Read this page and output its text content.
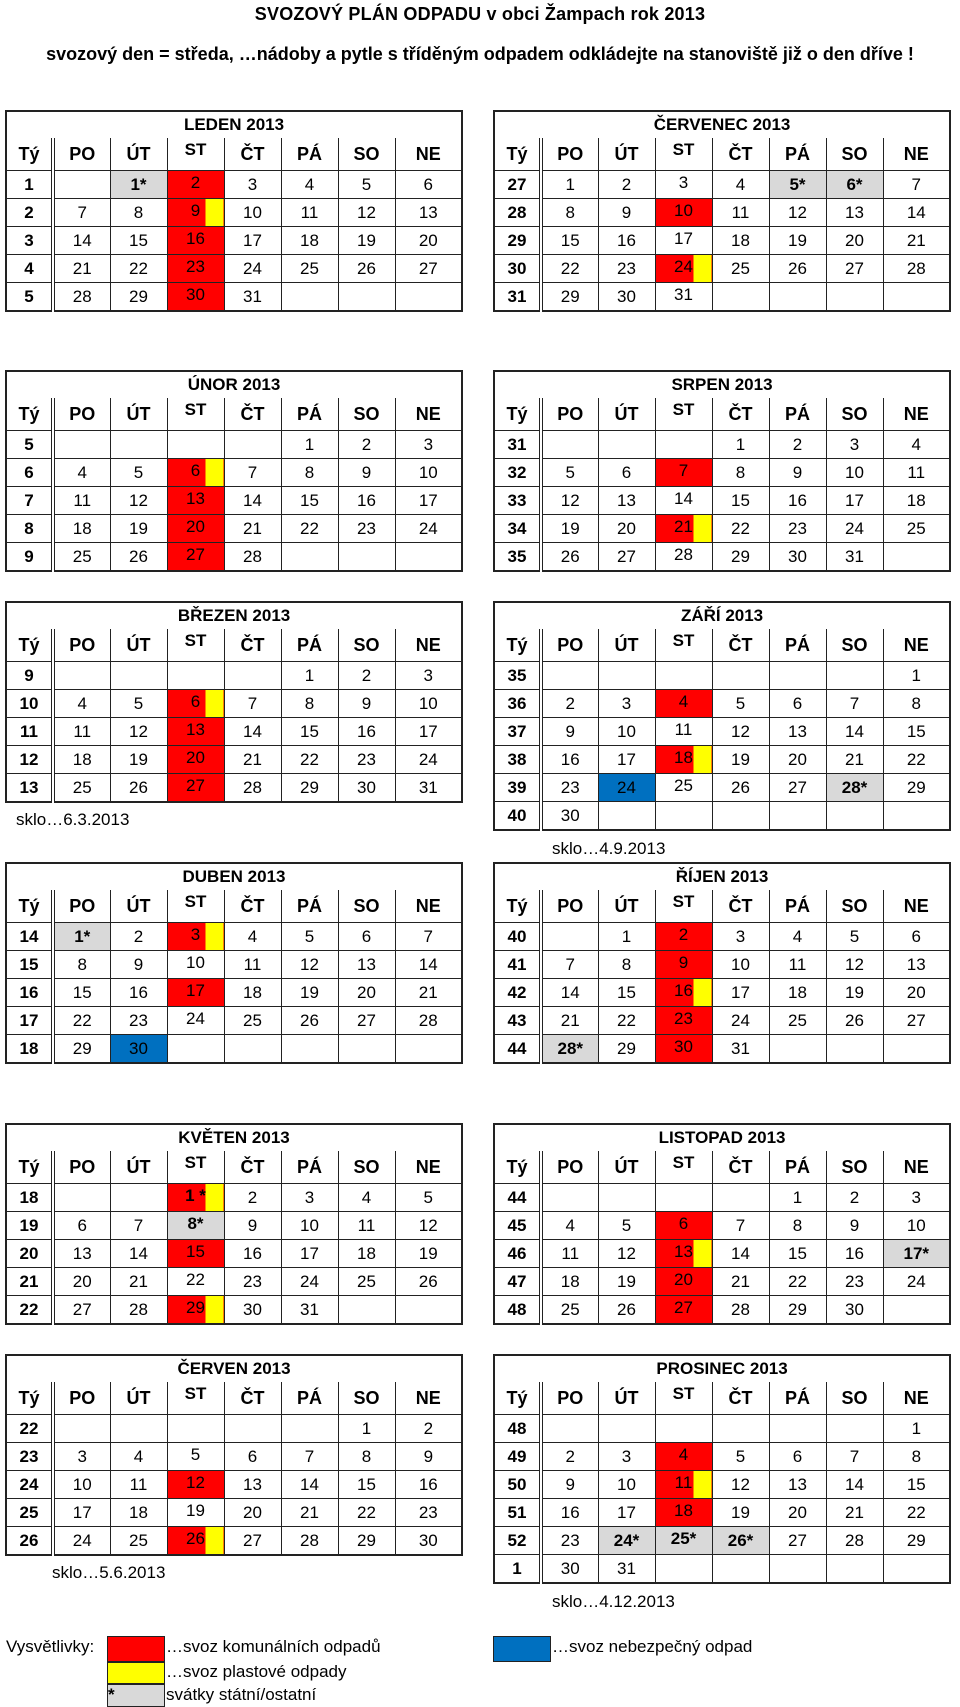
SVOZOVÝ PLÁN ODPADU v obci Žampach rok 2013
svozový den = středa, …nádoby a pytle s tříděným odpadem odkládejte na stanoviště již o den dříve !
LEDEN 2013							
Tý	PO	ÚT	ST	ČT	PÁ	SO	NE
1		1*	2	3	4	5	6
2	7	8	9	10	11	12	13
3	14	15	16	17	18	19	20
4	21	22	23	24	25	26	27
5	28	29	30	31			
ČERVENEC 2013							
Tý	PO	ÚT	ST	ČT	PÁ	SO	NE
27	1	2	3	4	5*	6*	7
28	8	9	10	11	12	13	14
29	15	16	17	18	19	20	21
30	22	23	24	25	26	27	28
31	29	30	31				
ÚNOR 2013							
Tý	PO	ÚT	ST	ČT	PÁ	SO	NE
5					1	2	3
6	4	5	6	7	8	9	10
7	11	12	13	14	15	16	17
8	18	19	20	21	22	23	24
9	25	26	27	28			
SRPEN 2013							
Tý	PO	ÚT	ST	ČT	PÁ	SO	NE
31				1	2	3	4
32	5	6	7	8	9	10	11
33	12	13	14	15	16	17	18
34	19	20	21	22	23	24	25
35	26	27	28	29	30	31	
BŘEZEN 2013							
Tý	PO	ÚT	ST	ČT	PÁ	SO	NE
9					1	2	3
10	4	5	6	7	8	9	10
11	11	12	13	14	15	16	17
12	18	19	20	21	22	23	24
13	25	26	27	28	29	30	31
sklo…6.3.2013
ZÁŘÍ 2013							
Tý	PO	ÚT	ST	ČT	PÁ	SO	NE
35							1
36	2	3	4	5	6	7	8
37	9	10	11	12	13	14	15
38	16	17	18	19	20	21	22
39	23	24	25	26	27	28*	29
40	30						
sklo…4.9.2013
DUBEN 2013							
Tý	PO	ÚT	ST	ČT	PÁ	SO	NE
14	1*	2	3	4	5	6	7
15	8	9	10	11	12	13	14
16	15	16	17	18	19	20	21
17	22	23	24	25	26	27	28
18	29	30					
ŘÍJEN 2013							
Tý	PO	ÚT	ST	ČT	PÁ	SO	NE
40		1	2	3	4	5	6
41	7	8	9	10	11	12	13
42	14	15	16	17	18	19	20
43	21	22	23	24	25	26	27
44	28*	29	30	31			
KVĚTEN 2013							
Tý	PO	ÚT	ST	ČT	PÁ	SO	NE
18			1 *	2	3	4	5
19	6	7	8*	9	10	11	12
20	13	14	15	16	17	18	19
21	20	21	22	23	24	25	26
22	27	28	29	30	31		
LISTOPAD 2013							
Tý	PO	ÚT	ST	ČT	PÁ	SO	NE
44					1	2	3
45	4	5	6	7	8	9	10
46	11	12	13	14	15	16	17*
47	18	19	20	21	22	23	24
48	25	26	27	28	29	30	
ČERVEN 2013							
Tý	PO	ÚT	ST	ČT	PÁ	SO	NE
22						1	2
23	3	4	5	6	7	8	9
24	10	11	12	13	14	15	16
25	17	18	19	20	21	22	23
26	24	25	26	27	28	29	30
sklo…5.6.2013
PROSINEC 2013							
Tý	PO	ÚT	ST	ČT	PÁ	SO	NE
48							1
49	2	3	4	5	6	7	8
50	9	10	11	12	13	14	15
51	16	17	18	19	20	21	22
52	23	24*	25*	26*	27	28	29
1	30	31					
sklo…4.12.2013
Vysvětlivky:	…svoz komunálních odpadů
…svoz plastové odpady
*	svátky státní/ostatní
…svoz nebezpečný odpad
